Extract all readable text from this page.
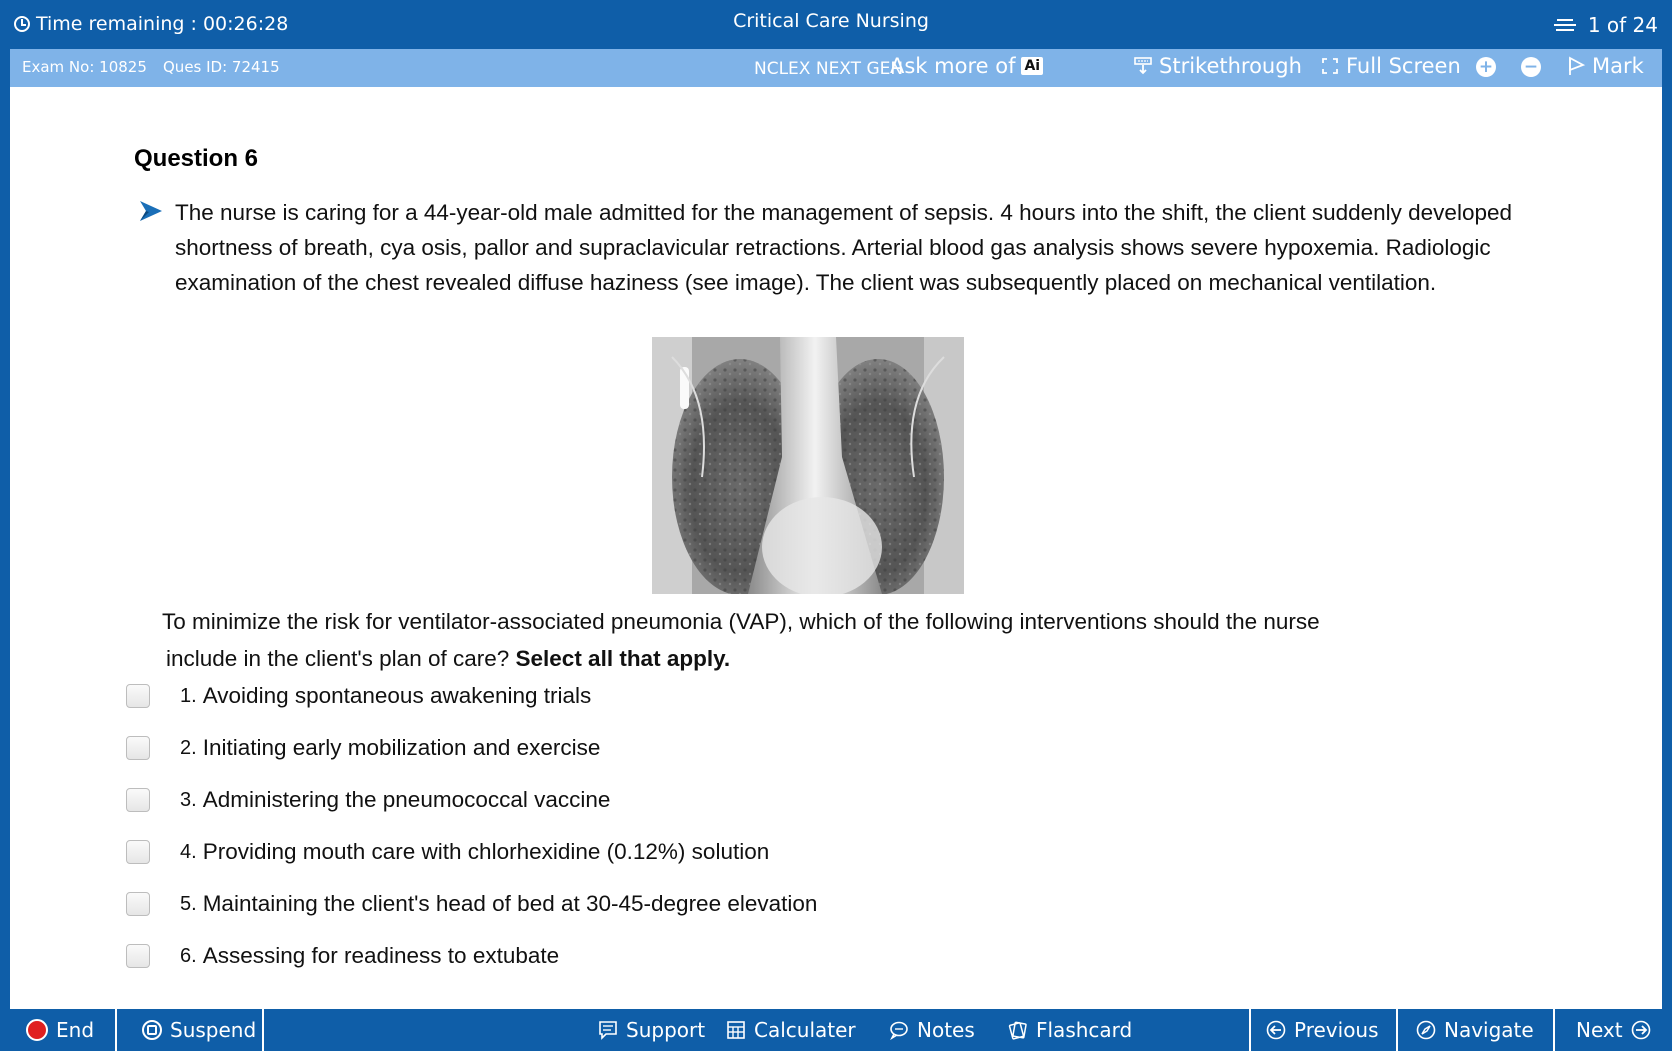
Time remaining : 00:26:28	Critical Care Nursing	1 of 24
Exam No: 10825 Ques ID: 72415	NCLEX NEXT GEN
Ask more of Ai	Strikethrough Full Screen + −	Mark
Question 6
The nurse is caring for a 44-year-old male admitted for the management of sepsis. 4 hours into the shift, the client suddenly developed shortness of breath, cya osis, pallor and supraclavicular retractions. Arterial blood gas analysis shows severe hypoxemia. Radiologic examination of the chest revealed diffuse haziness (see image). The client was subsequently placed on mechanical ventilation.
To minimize the risk for ventilator-associated pneumonia (VAP), which of the following interventions should the nurse
include in the client's plan of care? Select all that apply.
1. Avoiding spontaneous awakening trials
2. Initiating early mobilization and exercise
3. Administering the pneumococcal vaccine
4. Providing mouth care with chlorhexidine (0.12%) solution
5. Maintaining the client's head of bed at 30-45-degree elevation
6. Assessing for readiness to extubate
End	Suspend	Support Calculater	Notes	Flashcard	Previous	Navigate Next
